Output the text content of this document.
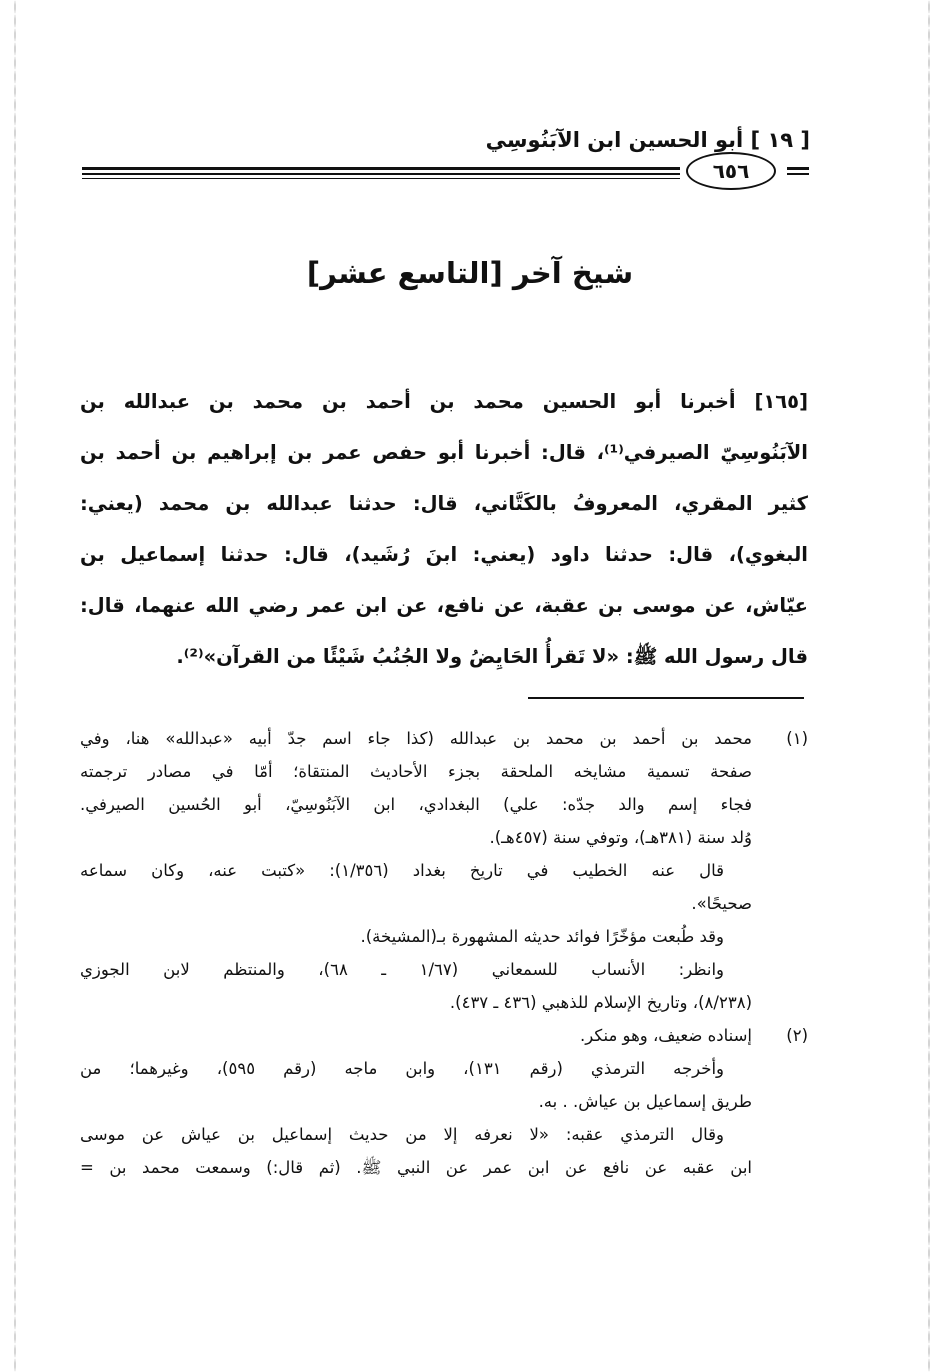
[ ١٩ ] أبو الحسين ابن الآبَنُوسِي
٦٥٦
شيخ آخر [التاسع عشر]
[١٦٥] أخبرنا أبو الحسين محمد بن أحمد بن محمد بن عبدالله بن
الآبَنُوسِيّ الصيرفي⁽¹⁾، قال: أخبرنا أبو حفص عمر بن إبراهيم بن أحمد بن
كثير المقري، المعروفُ بالكَتَّاني، قال: حدثنا عبدالله بن محمد (يعني:
البغوي)، قال: حدثنا داود (يعني: ابنَ رُشَيد)، قال: حدثنا إسماعيل بن
عيّاش، عن موسى بن عقبة، عن نافع، عن ابن عمر رضي الله عنهما، قال:
قال رسول الله ﷺ: «لا تَقرأُ الحَايِضُ ولا الجُنُبُ شَيْئًا من القرآن»⁽²⁾.
(١)
محمد بن أحمد بن محمد بن عبدالله (كذا جاء اسم جدّ أبيه «عبدالله» هنا، وفي
صفحة تسمية مشايخه الملحقة بجزء الأحاديث المنتقاة؛ أمّا في مصادر ترجمته
فجاء إسم والد جدّه: علي) البغدادي، ابن الآبَنُوسِيّ، أبو الحُسين الصيرفي.
وُلد سنة (٣٨١هـ)، وتوفي سنة (٤٥٧هـ).
قال عنه الخطيب في تاريخ بغداد (١/٣٥٦): «كتبت عنه، وكان سماعه
صحيحًا».
وقد طُبعت مؤخّرًا فوائد حديثه المشهورة بـ(المشيخة).
وانظر: الأنساب للسمعاني (١/٦٧ ـ ٦٨)، والمنتظم لابن الجوزي
(٨/٢٣٨)، وتاريخ الإسلام للذهبي (٤٣٦ ـ ٤٣٧).
(٢)
إسناده ضعيف، وهو منكر.
وأخرجه الترمذي (رقم ١٣١)، وابن ماجه (رقم ٥٩٥)، وغيرهما؛ من
طريق إسماعيل بن عياش. . به.
وقال الترمذي عقبه: «لا نعرفه إلا من حديث إسماعيل بن عياش عن موسى
ابن عقبه عن نافع عن ابن عمر عن النبي ﷺ. (ثم قال:) وسمعت محمد بن =
